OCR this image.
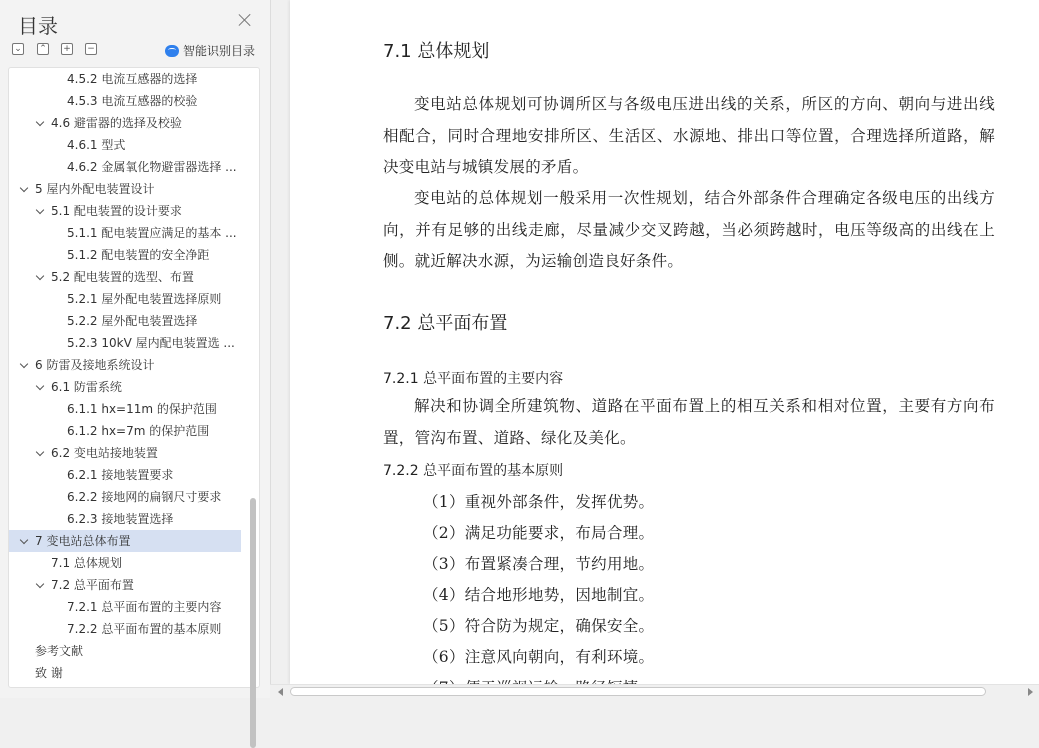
目录
⌄ ⌃ + −	智能识别目录
4.5.2 电流互感器的选择
4.5.3 电流互感器的校验
4.6 避雷器的选择及校验
4.6.1 型式
4.6.2 金属氧化物避雷器选择 ...
5 屋内外配电装置设计
5.1 配电装置的设计要求
5.1.1 配电装置应满足的基本 ...
5.1.2 配电装置的安全净距
5.2 配电装置的选型、布置
5.2.1 屋外配电装置选择原则
5.2.2 屋外配电装置选择
5.2.3 10kV 屋内配电装置选 ...
6 防雷及接地系统设计
6.1 防雷系统
6.1.1 hx=11m 的保护范围
6.1.2 hx=7m 的保护范围
6.2 变电站接地装置
6.2.1 接地装置要求
6.2.2 接地网的扁钢尺寸要求
6.2.3 接地装置选择
7 变电站总体布置
7.1 总体规划
7.2 总平面布置
7.2.1 总平面布置的主要内容
7.2.2 总平面布置的基本原则
参考文献
致 谢
7.1 总体规划
变电站总体规划可协调所区与各级电压进出线的关系，所区的方向、朝向与进出线相配合，同时合理地安排所区、生活区、水源地、排出口等位置，合理选择所道路，解决变电站与城镇发展的矛盾。
变电站的总体规划一般采用一次性规划，结合外部条件合理确定各级电压的出线方向，并有足够的出线走廊，尽量减少交叉跨越，当必须跨越时，电压等级高的出线在上侧。就近解决水源，为运输创造良好条件。
7.2 总平面布置
7.2.1 总平面布置的主要内容
解决和协调全所建筑物、道路在平面布置上的相互关系和相对位置，主要有方向布置，管沟布置、道路、绿化及美化。
7.2.2 总平面布置的基本原则
（1）重视外部条件，发挥优势。
（2）满足功能要求，布局合理。
（3）布置紧凑合理，节约用地。
（4）结合地形地势，因地制宜。
（5）符合防为规定，确保安全。
（6）注意风向朝向，有利环境。
